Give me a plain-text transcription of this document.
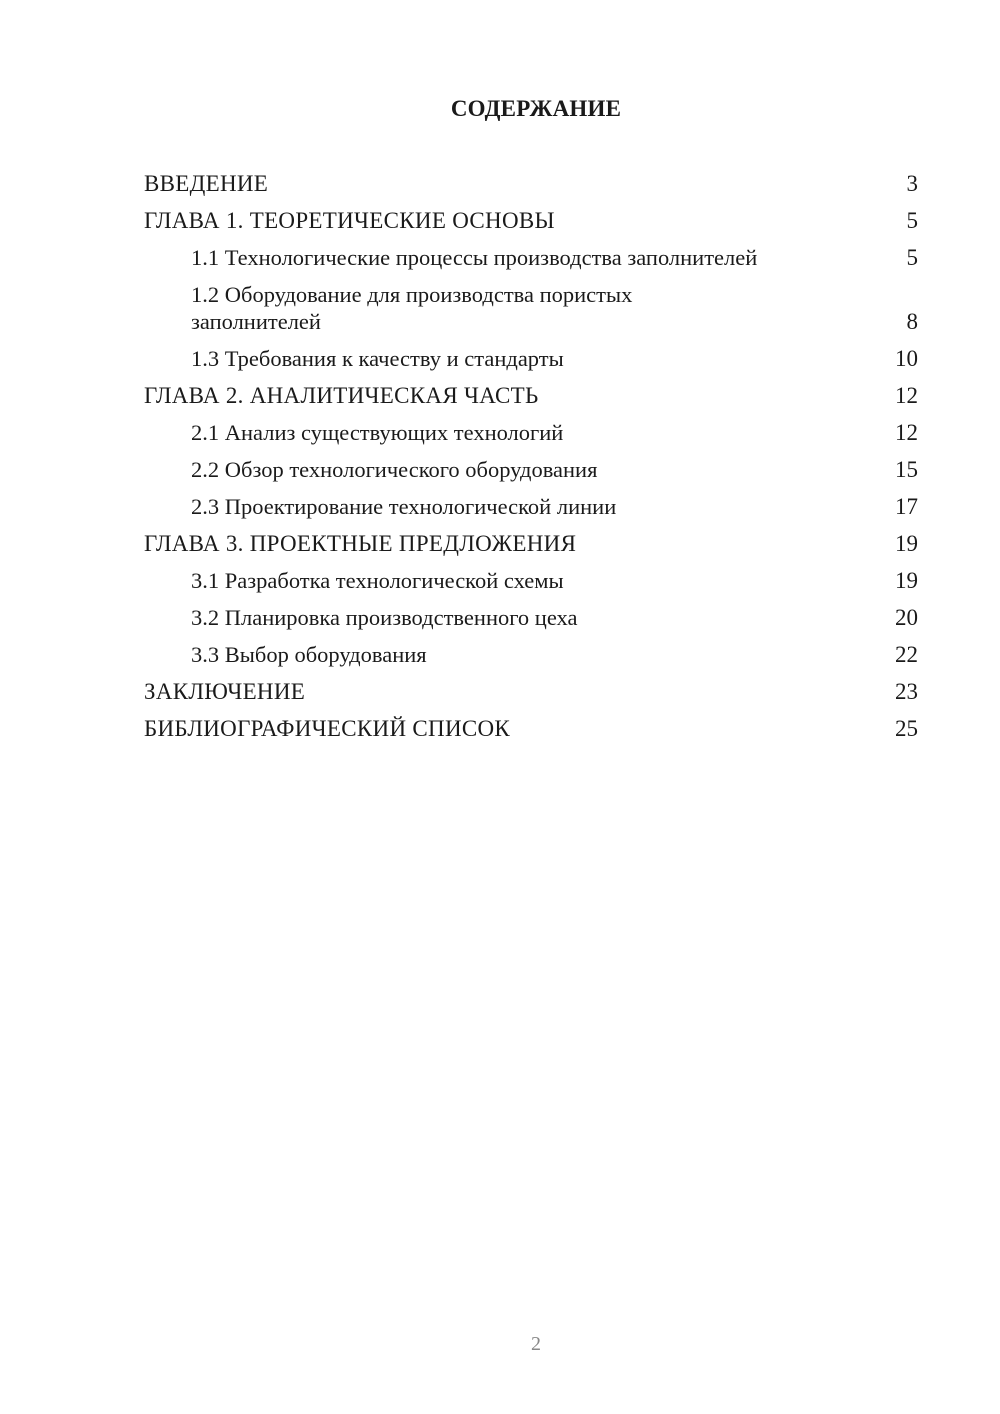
СОДЕРЖАНИЕ
ВВЕДЕНИЕ	3
ГЛАВА 1. ТЕОРЕТИЧЕСКИЕ ОСНОВЫ	5
1.1 Технологические процессы производства заполнителей	5
1.2 Оборудование для производства пористых заполнителей	8
1.3 Требования к качеству и стандарты	10
ГЛАВА 2. АНАЛИТИЧЕСКАЯ ЧАСТЬ	12
2.1 Анализ существующих технологий	12
2.2 Обзор технологического оборудования	15
2.3 Проектирование технологической линии	17
ГЛАВА 3. ПРОЕКТНЫЕ ПРЕДЛОЖЕНИЯ	19
3.1 Разработка технологической схемы	19
3.2 Планировка производственного цеха	20
3.3 Выбор оборудования	22
ЗАКЛЮЧЕНИЕ	23
БИБЛИОГРАФИЧЕСКИЙ СПИСОК	25
2
